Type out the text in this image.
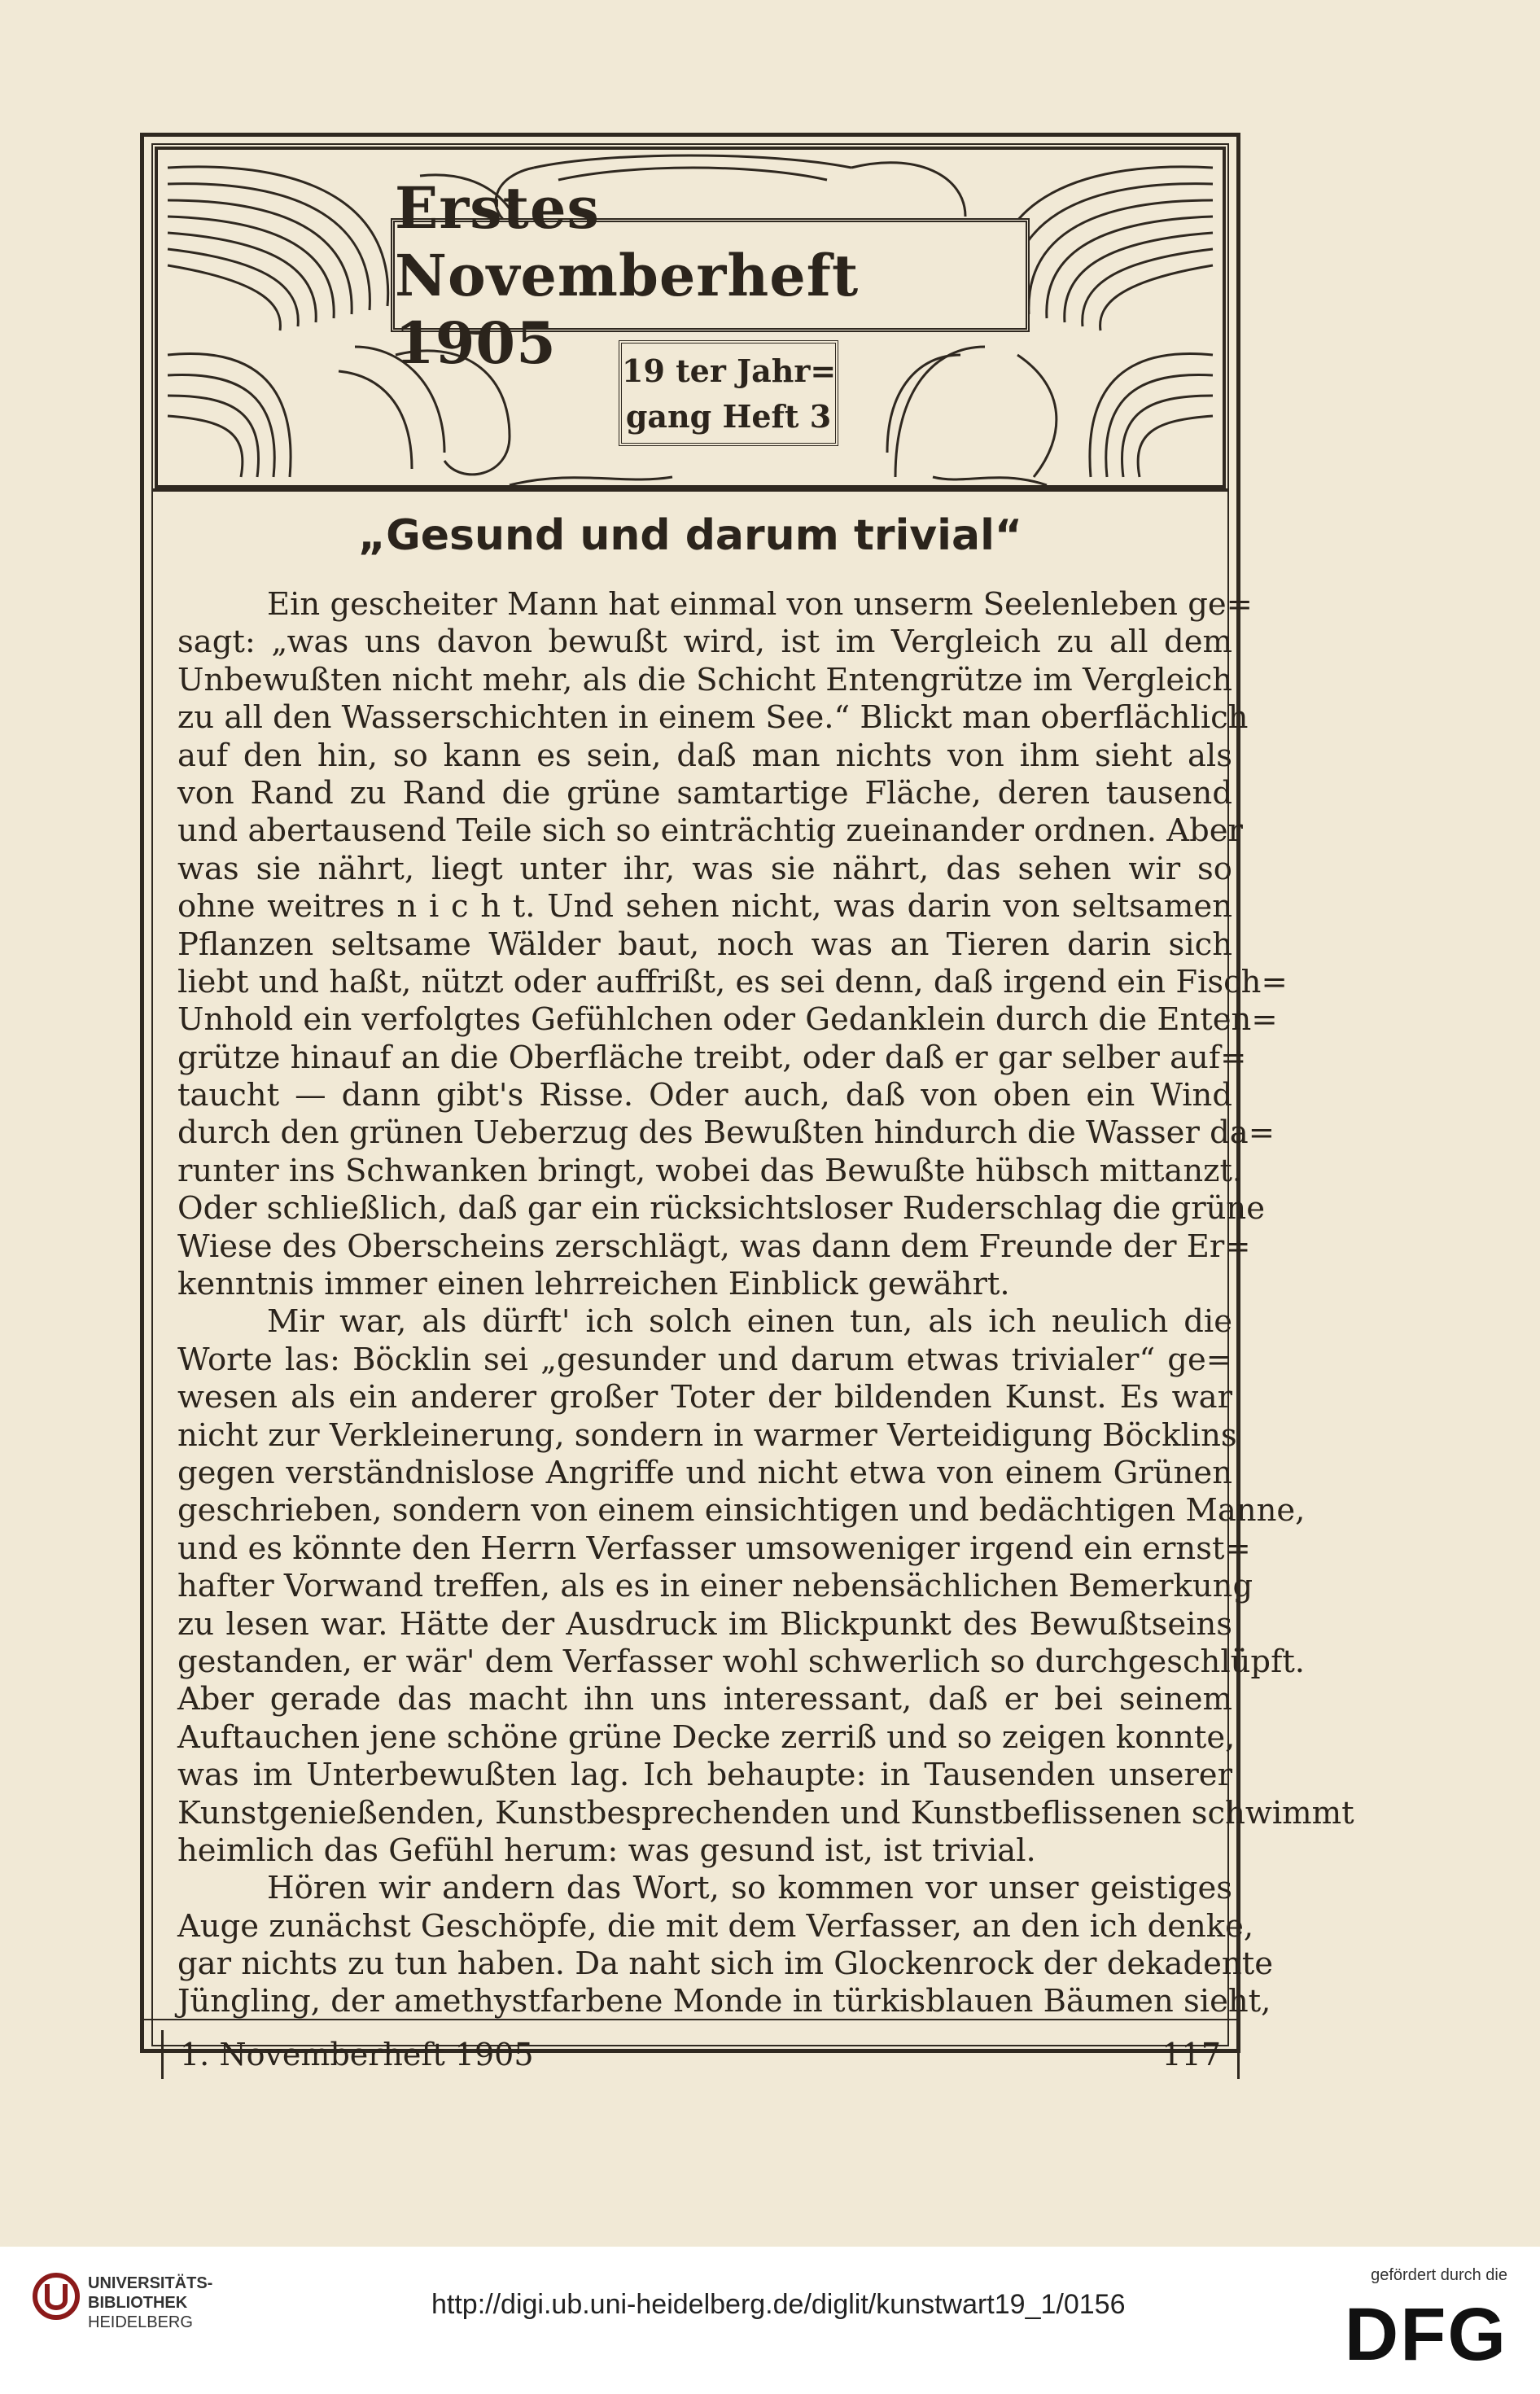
Erstes Novemberheft 1905	19 ter Jahr=
gang Heft 3
„Gesund und darum trivial“
Ein gescheiter Mann hat einmal von unserm Seelenleben ge=
sagt: „was uns davon bewußt wird, ist im Vergleich zu all dem
Unbewußten nicht mehr, als die Schicht Entengrütze im Vergleich
zu all den Wasserschichten in einem See.“ Blickt man oberflächlich
auf den hin, so kann es sein, daß man nichts von ihm sieht als
von Rand zu Rand die grüne samtartige Fläche, deren tausend
und abertausend Teile sich so einträchtig zueinander ordnen. Aber
was sie nährt, liegt unter ihr, was sie nährt, das sehen wir so
ohne weitres n i c h t. Und sehen nicht, was darin von seltsamen
Pflanzen seltsame Wälder baut, noch was an Tieren darin sich
liebt und haßt, nützt oder auffrißt, es sei denn, daß irgend ein Fisch=
Unhold ein verfolgtes Gefühlchen oder Gedanklein durch die Enten=
grütze hinauf an die Oberfläche treibt, oder daß er gar selber auf=
taucht — dann gibt's Risse. Oder auch, daß von oben ein Wind
durch den grünen Ueberzug des Bewußten hindurch die Wasser da=
runter ins Schwanken bringt, wobei das Bewußte hübsch mittanzt.
Oder schließlich, daß gar ein rücksichtsloser Ruderschlag die grüne
Wiese des Oberscheins zerschlägt, was dann dem Freunde der Er=
kenntnis immer einen lehrreichen Einblick gewährt.
Mir war, als dürft' ich solch einen tun, als ich neulich die
Worte las: Böcklin sei „gesunder und darum etwas trivialer“ ge=
wesen als ein anderer großer Toter der bildenden Kunst. Es war
nicht zur Verkleinerung, sondern in warmer Verteidigung Böcklins
gegen verständnislose Angriffe und nicht etwa von einem Grünen
geschrieben, sondern von einem einsichtigen und bedächtigen Manne,
und es könnte den Herrn Verfasser umsoweniger irgend ein ernst=
hafter Vorwand treffen, als es in einer nebensächlichen Bemerkung
zu lesen war. Hätte der Ausdruck im Blickpunkt des Bewußtseins
gestanden, er wär' dem Verfasser wohl schwerlich so durchgeschlüpft.
Aber gerade das macht ihn uns interessant, daß er bei seinem
Auftauchen jene schöne grüne Decke zerriß und so zeigen konnte,
was im Unterbewußten lag. Ich behaupte: in Tausenden unserer
Kunstgenießenden, Kunstbesprechenden und Kunstbeflissenen schwimmt
heimlich das Gefühl herum: was gesund ist, ist trivial.
Hören wir andern das Wort, so kommen vor unser geistiges
Auge zunächst Geschöpfe, die mit dem Verfasser, an den ich denke,
gar nichts zu tun haben. Da naht sich im Glockenrock der dekadente
Jüngling, der amethystfarbene Monde in türkisblauen Bäumen sieht,
1. Novemberheft 1905	117
UNIVERSITÄTS-
BIBLIOTHEK
HEIDELBERG
http://digi.ub.uni-heidelberg.de/diglit/kunstwart19_1/0156
gefördert durch die
DFG
